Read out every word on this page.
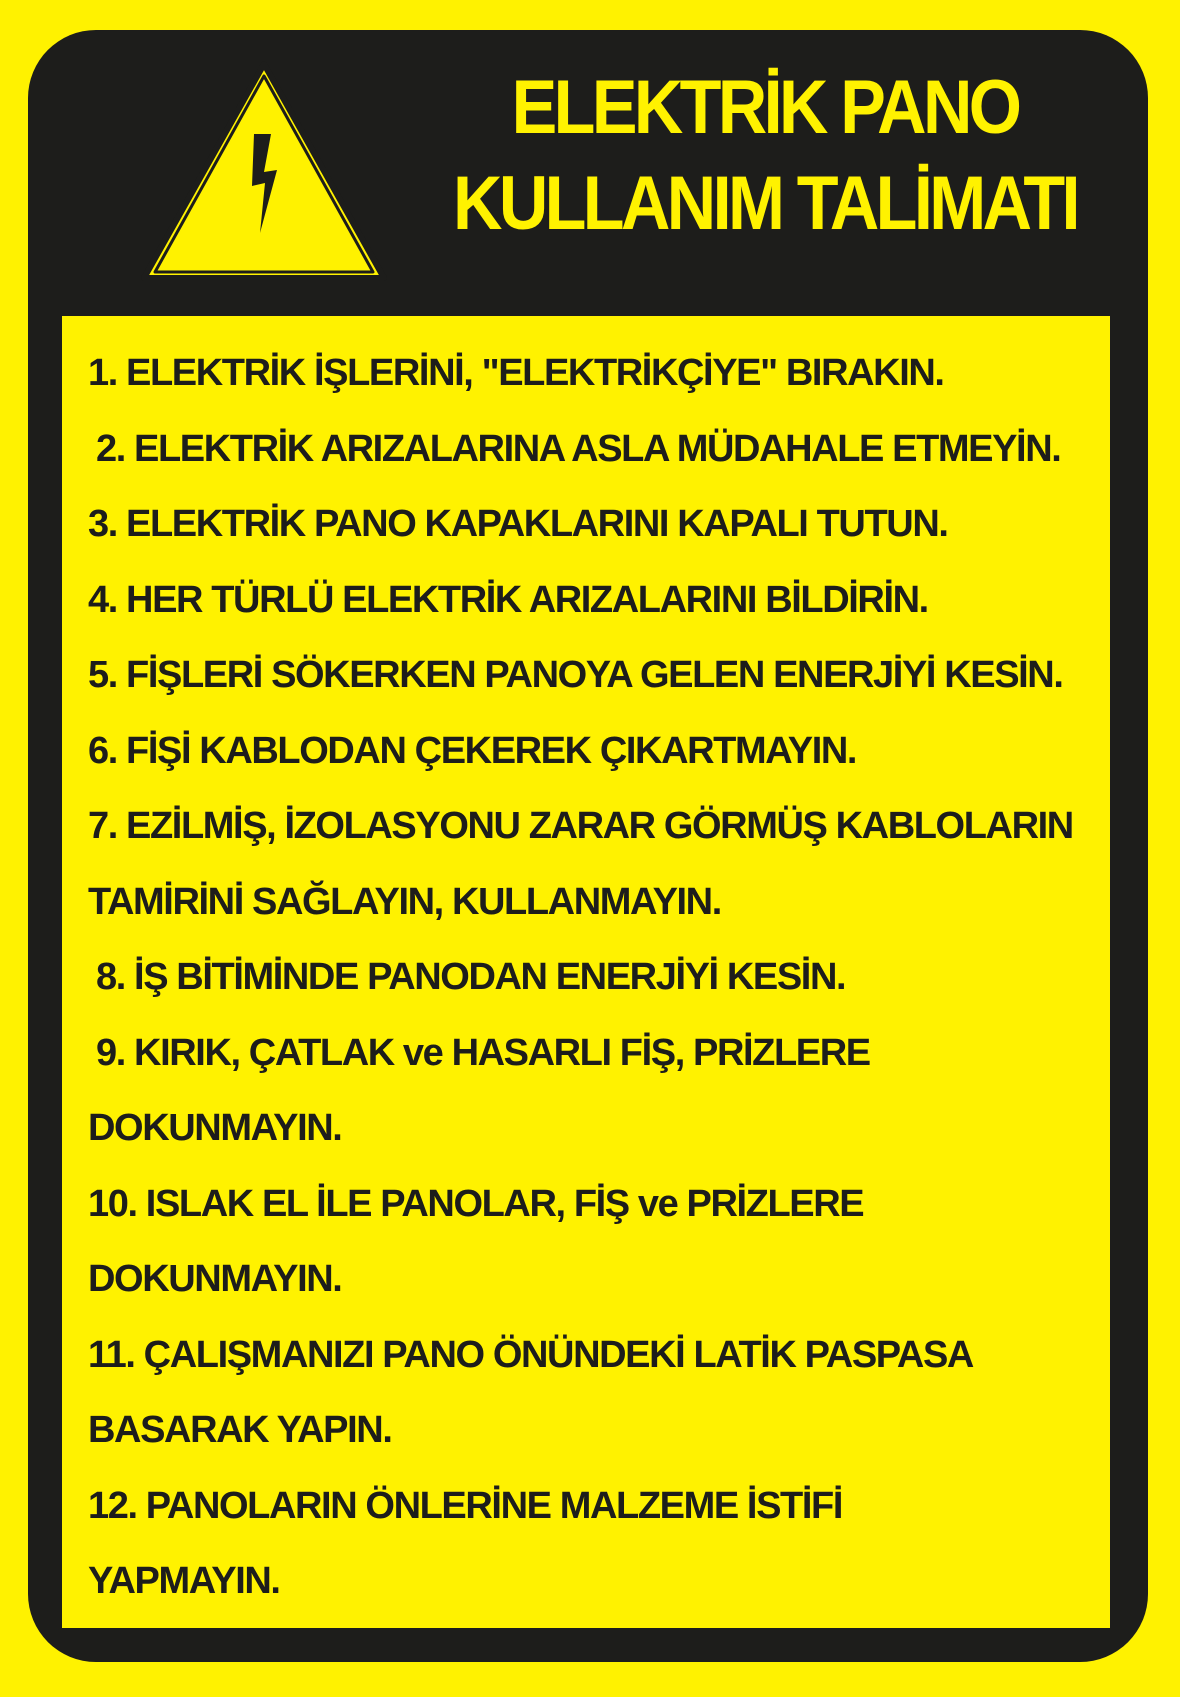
ELEKTRİK PANO
KULLANIM TALİMATI
1. ELEKTRİK İŞLERİNİ, "ELEKTRİKÇİYE" BIRAKIN.
2. ELEKTRİK ARIZALARINA ASLA MÜDAHALE ETMEYİN.
3. ELEKTRİK PANO KAPAKLARINI KAPALI TUTUN.
4. HER TÜRLÜ ELEKTRİK ARIZALARINI BİLDİRİN.
5. FİŞLERİ SÖKERKEN PANOYA GELEN ENERJİYİ KESİN.
6. FİŞİ KABLODAN ÇEKEREK ÇIKARTMAYIN.
7. EZİLMİŞ, İZOLASYONU ZARAR GÖRMÜŞ KABLOLARIN
TAMİRİNİ SAĞLAYIN, KULLANMAYIN.
8. İŞ BİTİMİNDE PANODAN ENERJİYİ KESİN.
9. KIRIK, ÇATLAK ve HASARLI FİŞ, PRİZLERE
DOKUNMAYIN.
10. ISLAK EL İLE PANOLAR, FİŞ ve PRİZLERE
DOKUNMAYIN.
11. ÇALIŞMANIZI PANO ÖNÜNDEKİ LATİK PASPASA
BASARAK YAPIN.
12. PANOLARIN ÖNLERİNE MALZEME İSTİFİ
YAPMAYIN.
